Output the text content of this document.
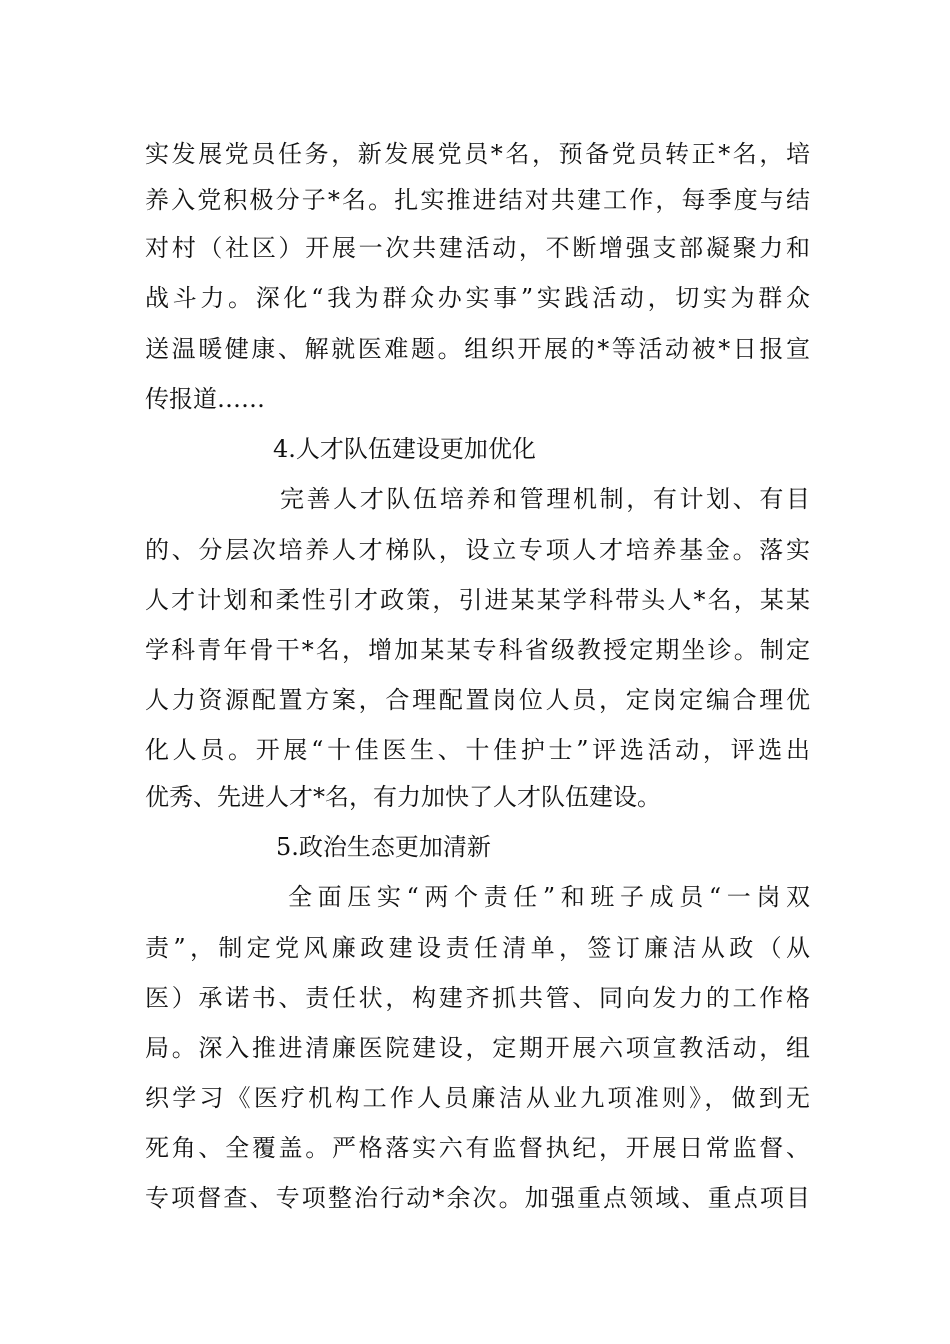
实发展党员任务，新发展党员*名，预备党员转正*名，培
养入党积极分子*名。扎实推进结对共建工作，每季度与结
对村（社区）开展一次共建活动，不断增强支部凝聚力和
战斗力。深化“我为群众办实事”实践活动，切实为群众
送温暖健康、解就医难题。组织开展的*等活动被*日报宣
传报道……
4.人才队伍建设更加优化
完善人才队伍培养和管理机制，有计划、有目
的、分层次培养人才梯队，设立专项人才培养基金。落实
人才计划和柔性引才政策，引进某某学科带头人*名，某某
学科青年骨干*名，增加某某专科省级教授定期坐诊。制定
人力资源配置方案，合理配置岗位人员，定岗定编合理优
化人员。开展“十佳医生、十佳护士”评选活动，评选出
优秀、先进人才*名，有力加快了人才队伍建设。
5.政治生态更加清新
全面压实“两个责任”和班子成员“一岗双
责”，制定党风廉政建设责任清单，签订廉洁从政（从
医）承诺书、责任状，构建齐抓共管、同向发力的工作格
局。深入推进清廉医院建设，定期开展六项宣教活动，组
织学习《医疗机构工作人员廉洁从业九项准则》，做到无
死角、全覆盖。严格落实六有监督执纪，开展日常监督、
专项督查、专项整治行动*余次。加强重点领域、重点项目
